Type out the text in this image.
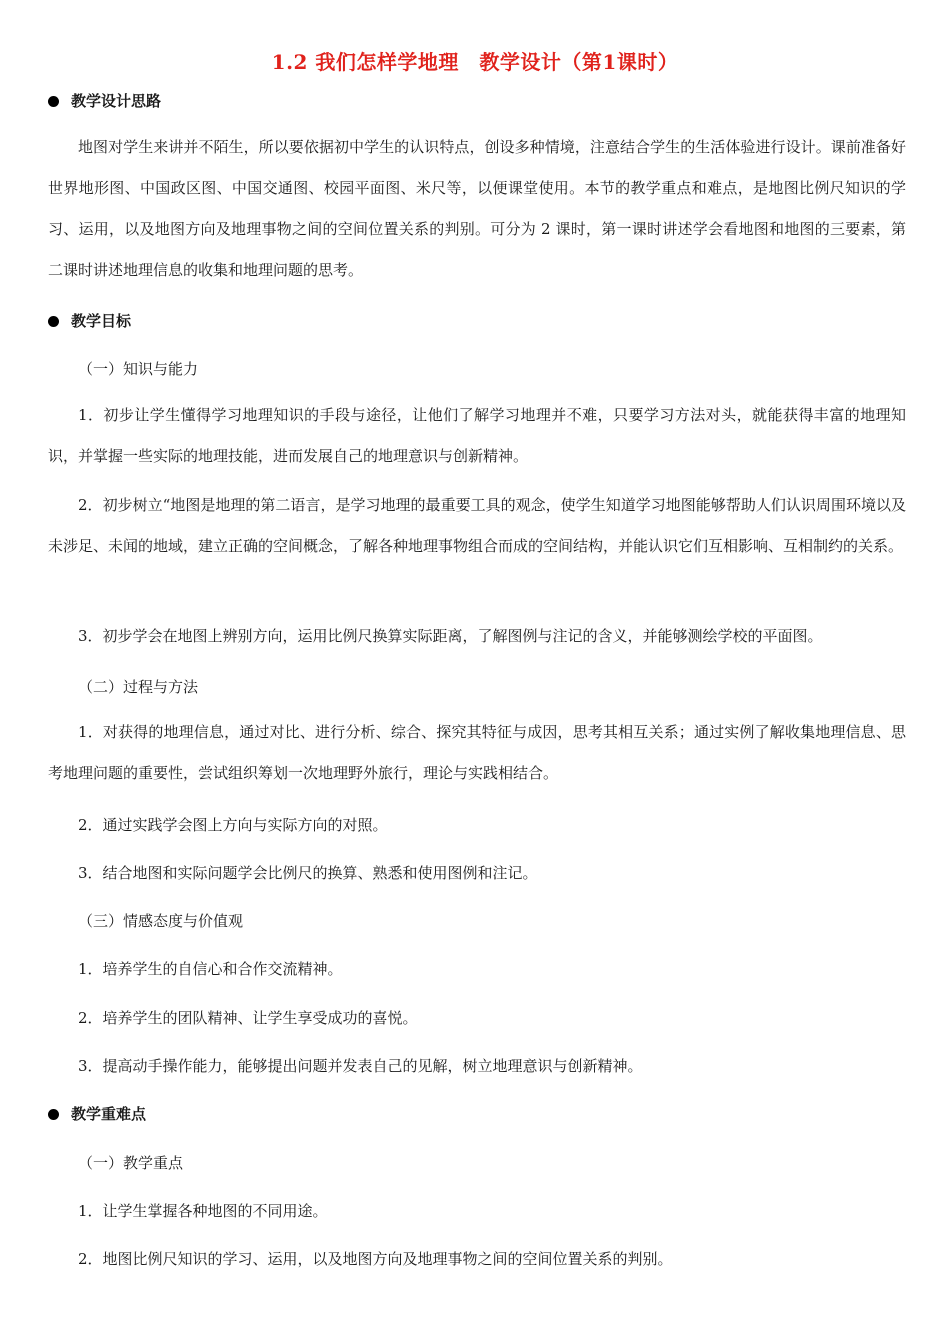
1.2 我们怎样学地理　教学设计（第1课时）
教学设计思路
地图对学生来讲并不陌生，所以要依据初中学生的认识特点，创设多种情境，注意结合学生的生活体验进行设计。课前准备好世界地形图、中国政区图、中国交通图、校园平面图、米尺等，以便课堂使用。本节的教学重点和难点，是地图比例尺知识的学习、运用，以及地图方向及地理事物之间的空间位置关系的判别。可分为 2 课时，第一课时讲述学会看地图和地图的三要素，第二课时讲述地理信息的收集和地理问题的思考。
教学目标
（一）知识与能力
1．初步让学生懂得学习地理知识的手段与途径，让他们了解学习地理并不难，只要学习方法对头，就能获得丰富的地理知识，并掌握一些实际的地理技能，进而发展自己的地理意识与创新精神。
2．初步树立“地图是地理的第二语言，是学习地理的最重要工具的观念，使学生知道学习地图能够帮助人们认识周围环境以及未涉足、未闻的地域，建立正确的空间概念，了解各种地理事物组合而成的空间结构，并能认识它们互相影响、互相制约的关系。
3．初步学会在地图上辨别方向，运用比例尺换算实际距离，了解图例与注记的含义，并能够测绘学校的平面图。
（二）过程与方法
1．对获得的地理信息，通过对比、进行分析、综合、探究其特征与成因，思考其相互关系；通过实例了解收集地理信息、思考地理问题的重要性，尝试组织筹划一次地理野外旅行，理论与实践相结合。
2．通过实践学会图上方向与实际方向的对照。
3．结合地图和实际问题学会比例尺的换算、熟悉和使用图例和注记。
（三）情感态度与价值观
1．培养学生的自信心和合作交流精神。
2．培养学生的团队精神、让学生享受成功的喜悦。
3．提高动手操作能力，能够提出问题并发表自己的见解，树立地理意识与创新精神。
教学重难点
（一）教学重点
1．让学生掌握各种地图的不同用途。
2．地图比例尺知识的学习、运用，以及地图方向及地理事物之间的空间位置关系的判别。
